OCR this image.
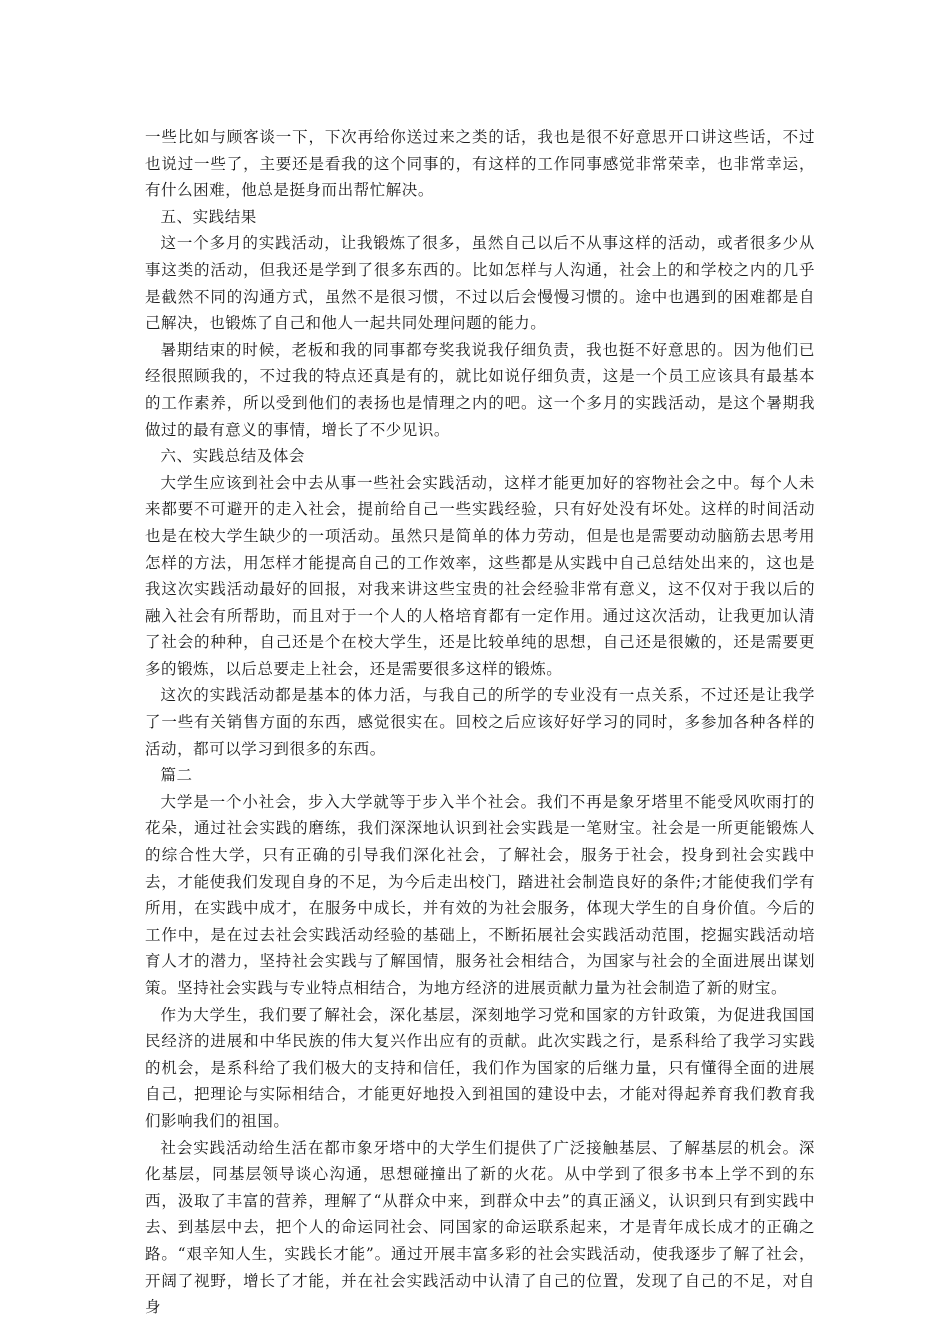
一些比如与顾客谈一下，下次再给你送过来之类的话，我也是很不好意思开口讲这些话，不过也说过一些了，主要还是看我的这个同事的，有这样的工作同事感觉非常荣幸，也非常幸运，有什么困难，他总是挺身而出帮忙解决。

五、实践结果

这一个多月的实践活动，让我锻炼了很多，虽然自己以后不从事这样的活动，或者很多少从事这类的活动，但我还是学到了很多东西的。比如怎样与人沟通，社会上的和学校之内的几乎是截然不同的沟通方式，虽然不是很习惯，不过以后会慢慢习惯的。途中也遇到的困难都是自己解决，也锻炼了自己和他人一起共同处理问题的能力。

暑期结束的时候，老板和我的同事都夸奖我说我仔细负责，我也挺不好意思的。因为他们已经很照顾我的，不过我的特点还真是有的，就比如说仔细负责，这是一个员工应该具有最基本的工作素养，所以受到他们的表扬也是情理之内的吧。这一个多月的实践活动，是这个暑期我做过的最有意义的事情，增长了不少见识。

六、实践总结及体会

大学生应该到社会中去从事一些社会实践活动，这样才能更加好的容物社会之中。每个人未来都要不可避开的走入社会，提前给自己一些实践经验，只有好处没有坏处。这样的时间活动也是在校大学生缺少的一项活动。虽然只是简单的体力劳动，但是也是需要动动脑筋去思考用怎样的方法，用怎样才能提高自己的工作效率，这些都是从实践中自己总结处出来的，这也是我这次实践活动最好的回报，对我来讲这些宝贵的社会经验非常有意义，这不仅对于我以后的融入社会有所帮助，而且对于一个人的人格培育都有一定作用。通过这次活动，让我更加认清了社会的种种，自己还是个在校大学生，还是比较单纯的思想，自己还是很嫩的，还是需要更多的锻炼，以后总要走上社会，还是需要很多这样的锻炼。

这次的实践活动都是基本的体力活，与我自己的所学的专业没有一点关系，不过还是让我学了一些有关销售方面的东西，感觉很实在。回校之后应该好好学习的同时，多参加各种各样的活动，都可以学习到很多的东西。

篇二

大学是一个小社会，步入大学就等于步入半个社会。我们不再是象牙塔里不能受风吹雨打的花朵，通过社会实践的磨练，我们深深地认识到社会实践是一笔财宝。社会是一所更能锻炼人的综合性大学，只有正确的引导我们深化社会，了解社会，服务于社会，投身到社会实践中去，才能使我们发现自身的不足，为今后走出校门，踏进社会制造良好的条件;才能使我们学有所用，在实践中成才，在服务中成长，并有效的为社会服务，体现大学生的自身价值。今后的工作中，是在过去社会实践活动经验的基础上，不断拓展社会实践活动范围，挖掘实践活动培育人才的潜力，坚持社会实践与了解国情，服务社会相结合，为国家与社会的全面进展出谋划策。坚持社会实践与专业特点相结合，为地方经济的进展贡献力量为社会制造了新的财宝。

作为大学生，我们要了解社会，深化基层，深刻地学习党和国家的方针政策，为促进我国国民经济的进展和中华民族的伟大复兴作出应有的贡献。此次实践之行，是系科给了我学习实践的机会，是系科给了我们极大的支持和信任，我们作为国家的后继力量，只有懂得全面的进展自己，把理论与实际相结合，才能更好地投入到祖国的建设中去，才能对得起养育我们教育我们影响我们的祖国。

社会实践活动给生活在都市象牙塔中的大学生们提供了广泛接触基层、了解基层的机会。深化基层，同基层领导谈心沟通，思想碰撞出了新的火花。从中学到了很多书本上学不到的东西，汲取了丰富的营养，理解了“从群众中来，到群众中去”的真正涵义，认识到只有到实践中去、到基层中去，把个人的命运同社会、同国家的命运联系起来，才是青年成长成才的正确之路。“艰辛知人生，实践长才能”。通过开展丰富多彩的社会实践活动，使我逐步了解了社会，开阔了视野，增长了才能，并在社会实践活动中认清了自己的位置，发现了自己的不足，对自身
